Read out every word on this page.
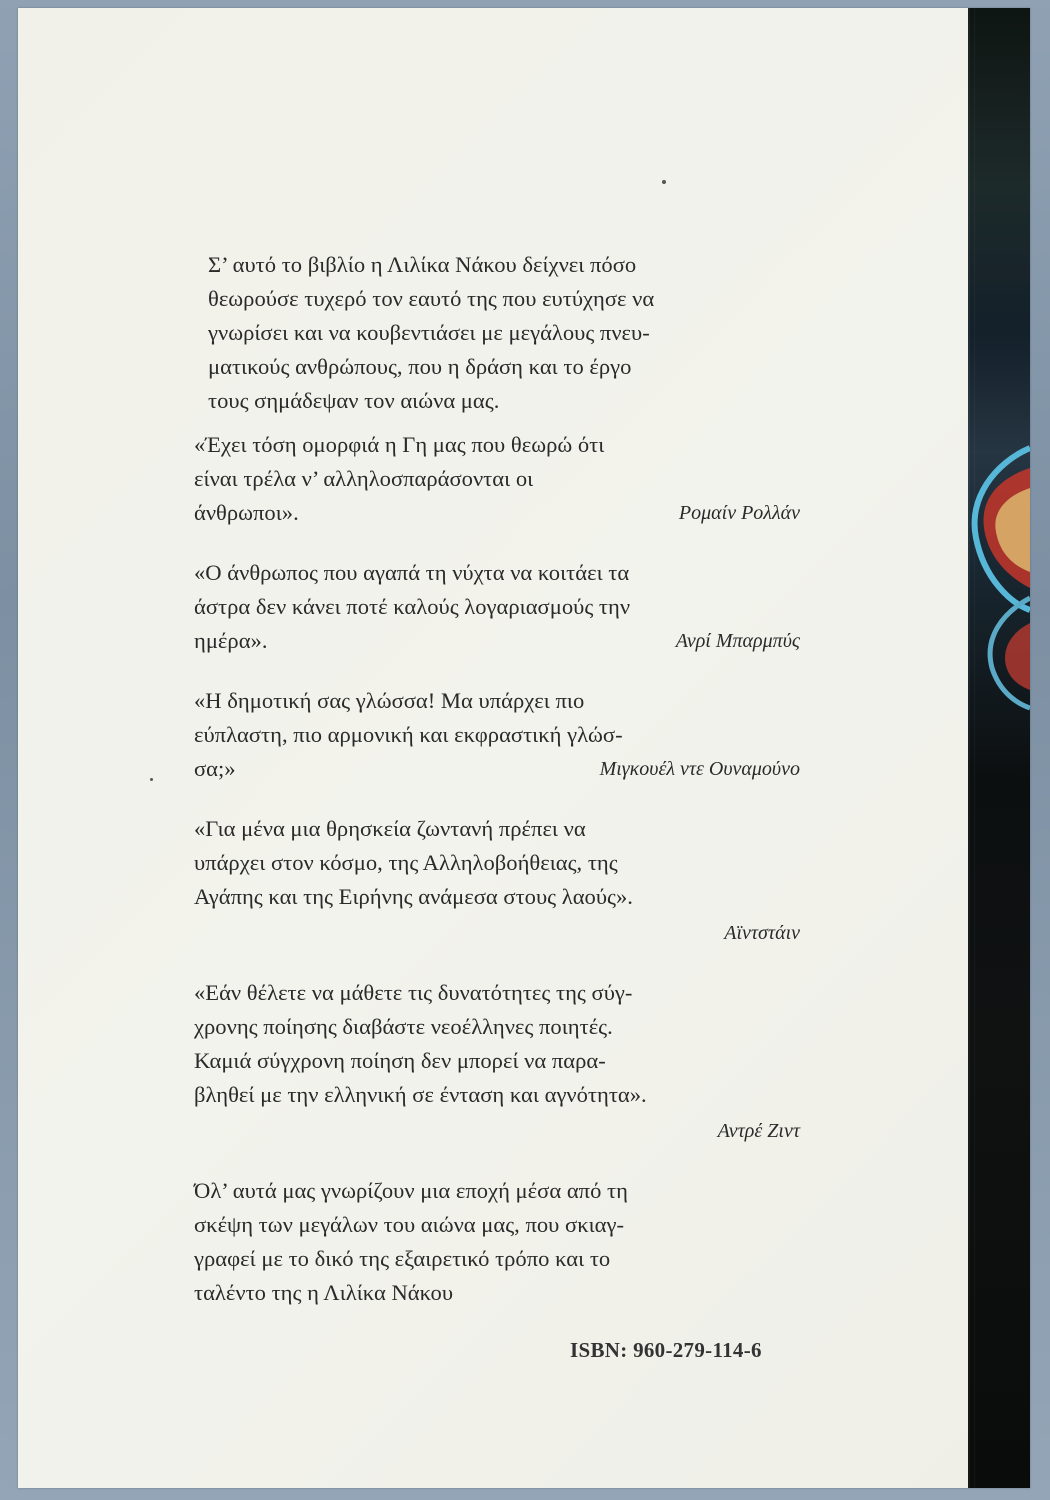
Σ’ αυτό το βιβλίο η Λιλίκα Νάκου δείχνει πόσο
θεωρούσε τυχερό τον εαυτό της που ευτύχησε να
γνωρίσει και να κουβεντιάσει με μεγάλους πνευ-
ματικούς ανθρώπους, που η δράση και το έργο
τους σημάδεψαν τον αιώνα μας.

«Έχει τόση ομορφιά η Γη μας που θεωρώ ότι
είναι τρέλα ν’ αλληλοσπαράσονται οι
άνθρωποι».	Ρομαίν Ρολλάν
«Ο άνθρωπος που αγαπά τη νύχτα να κοιτάει τα
άστρα δεν κάνει ποτέ καλούς λογαριασμούς την
ημέρα».	Ανρί Μπαρμπύς
«Η δημοτική σας γλώσσα! Μα υπάρχει πιο
εύπλαστη, πιο αρμονική και εκφραστική γλώσ-
σα;»	Μιγκουέλ ντε Ουναμούνο
«Για μένα μια θρησκεία ζωντανή πρέπει να
υπάρχει στον κόσμο, της Αλληλοβοήθειας, της
Αγάπης και της Ειρήνης ανάμεσα στους λαούς».
Αϊντστάιν
«Εάν θέλετε να μάθετε τις δυνατότητες της σύγ-
χρονης ποίησης διαβάστε νεοέλληνες ποιητές.
Καμιά σύγχρονη ποίηση δεν μπορεί να παρα-
βληθεί με την ελληνική σε ένταση και αγνότητα».
Αντρέ Ζιντ

Όλ’ αυτά μας γνωρίζουν μια εποχή μέσα από τη
σκέψη των μεγάλων του αιώνα μας, που σκιαγ-
γραφεί με το δικό της εξαιρετικό τρόπο και το
ταλέντο της η Λιλίκα Νάκου

ISBN: 960-279-114-6
